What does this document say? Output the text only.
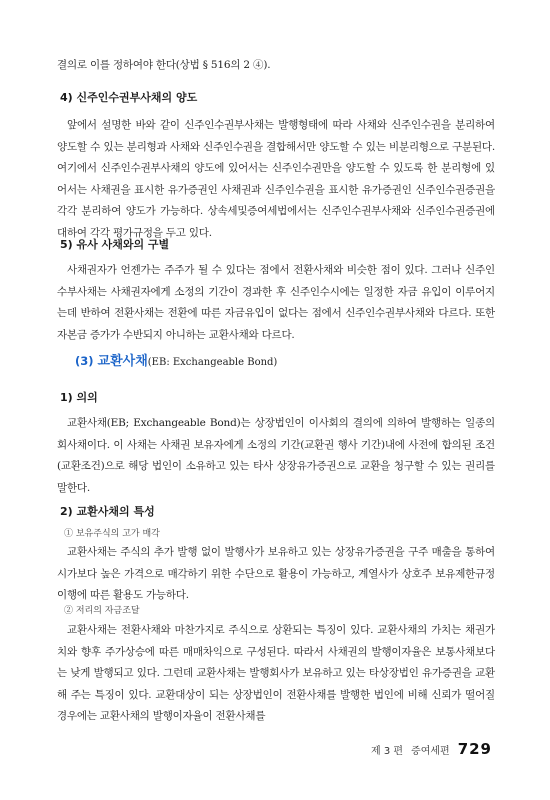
결의로 이를 정하여야 한다(상법 § 516의 2 ④).

4) 신주인수권부사채의 양도

앞에서 설명한 바와 같이 신주인수권부사채는 발행형태에 따라 사채와 신주인수권을 분리하여 양도할 수 있는 분리형과 사채와 신주인수권을 결합해서만 양도할 수 있는 비분리형으로 구분된다. 여기에서 신주인수권부사채의 양도에 있어서는 신주인수권만을 양도할 수 있도록 한 분리형에 있어서는 사채권을 표시한 유가증권인 사채권과 신주인수권을 표시한 유가증권인 신주인수권증권을 각각 분리하여 양도가 가능하다. 상속세및증여세법에서는 신주인수권부사채와 신주인수권증권에 대하여 각각 평가규정을 두고 있다.

5) 유사 사채와의 구별

사채권자가 언젠가는 주주가 될 수 있다는 점에서 전환사채와 비슷한 점이 있다. 그러나 신주인수부사채는 사채권자에게 소정의 기간이 경과한 후 신주인수시에는 일정한 자금 유입이 이루어지는데 반하여 전환사채는 전환에 따른 자금유입이 없다는 점에서 신주인수권부사채와 다르다. 또한 자본금 증가가 수반되지 아니하는 교환사채와 다르다.

(3) 교환사채(EB: Exchangeable Bond)
1) 의의

교환사채(EB; Exchangeable Bond)는 상장법인이 이사회의 결의에 의하여 발행하는 일종의 회사채이다. 이 사채는 사채권 보유자에게 소정의 기간(교환권 행사 기간)내에 사전에 합의된 조건(교환조건)으로 해당 법인이 소유하고 있는 타사 상장유가증권으로 교환을 청구할 수 있는 권리를 말한다.

2) 교환사채의 특성

① 보유주식의 고가 매각

교환사채는 주식의 추가 발행 없이 발행사가 보유하고 있는 상장유가증권을 구주 매출을 통하여 시가보다 높은 가격으로 매각하기 위한 수단으로 활용이 가능하고, 계열사가 상호주 보유제한규정 이행에 따른 활용도 가능하다.

② 저리의 자금조달

교환사채는 전환사채와 마찬가지로 주식으로 상환되는 특징이 있다. 교환사채의 가치는 채권가치와 향후 주가상승에 따른 매매차익으로 구성된다. 따라서 사채권의 발행이자율은 보통사채보다는 낮게 발행되고 있다. 그런데 교환사채는 발행회사가 보유하고 있는 타상장법인 유가증권을 교환해 주는 특징이 있다. 교환대상이 되는 상장법인이 전환사채를 발행한 법인에 비해 신뢰가 떨어질 경우에는 교환사채의 발행이자율이 전환사채를

제 3 편 증여세편 729
